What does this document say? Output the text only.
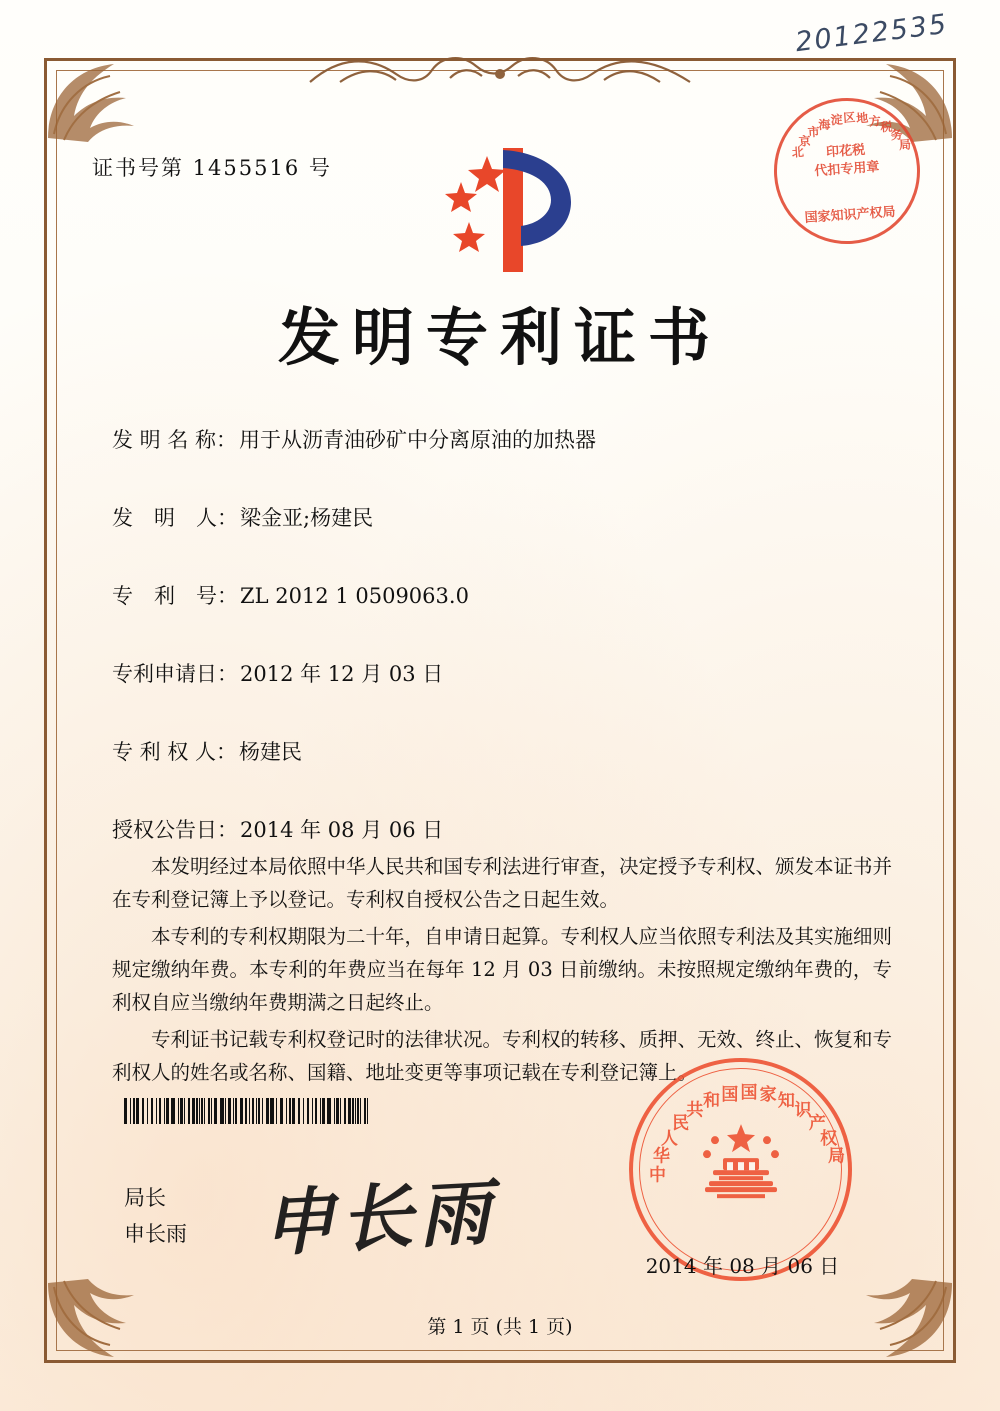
20122535
证书号第 1455516 号
北
京
市
海 淀 区 地 方
税
务
局
印花税
代扣专用章
国家知识产权局
发明专利证书
发 明 名 称： 用于从沥青油砂矿中分离原油的加热器
发　明　人： 梁金亚;杨建民
专　利　号： ZL 2012 1 0509063.0
专利申请日： 2012 年 12 月 03 日
专 利 权 人： 杨建民
授权公告日： 2014 年 08 月 06 日

本发明经过本局依照中华人民共和国专利法进行审查，决定授予专利权、颁发本证书并在专利登记簿上予以登记。专利权自授权公告之日起生效。

本专利的专利权期限为二十年，自申请日起算。专利权人应当依照专利法及其实施细则规定缴纳年费。本专利的年费应当在每年 12 月 03 日前缴纳。未按照规定缴纳年费的，专利权自应当缴纳年费期满之日起终止。

专利证书记载专利权登记时的法律状况。专利权的转移、质押、无效、终止、恢复和专利权人的姓名或名称、国籍、地址变更等事项记载在专利登记簿上。

局长
申长雨 申长雨	中
华
人
民
共 和 国 国 家 知 识
产
权
局
2014 年 08 月 06 日
第 1 页 (共 1 页)
